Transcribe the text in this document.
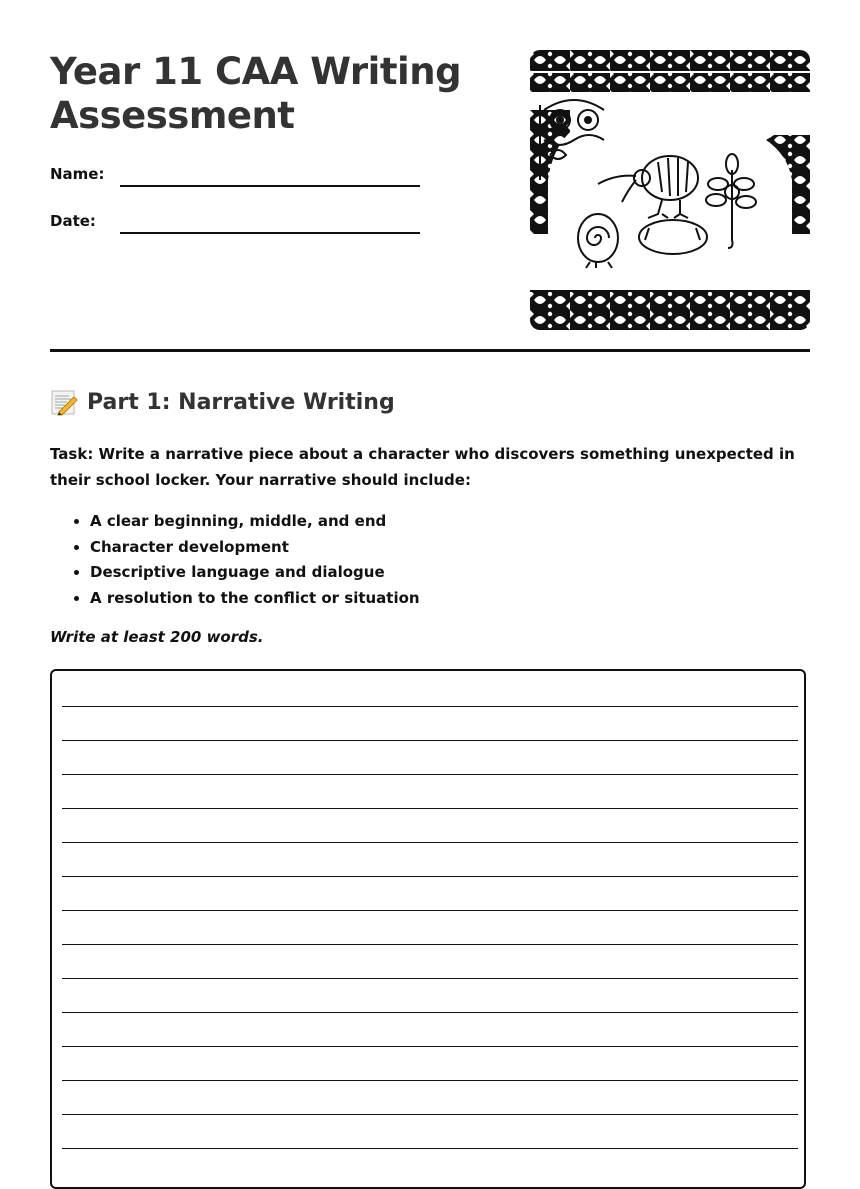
Year 11 CAA Writing
Assessment
Name:
Date:
Part 1: Narrative Writing

Task: Write a narrative piece about a character who discovers something unexpected in their school locker. Your narrative should include:

• A clear beginning, middle, and end
• Character development
• Descriptive language and dialogue
• A resolution to the conflict or situation

Write at least 200 words.
